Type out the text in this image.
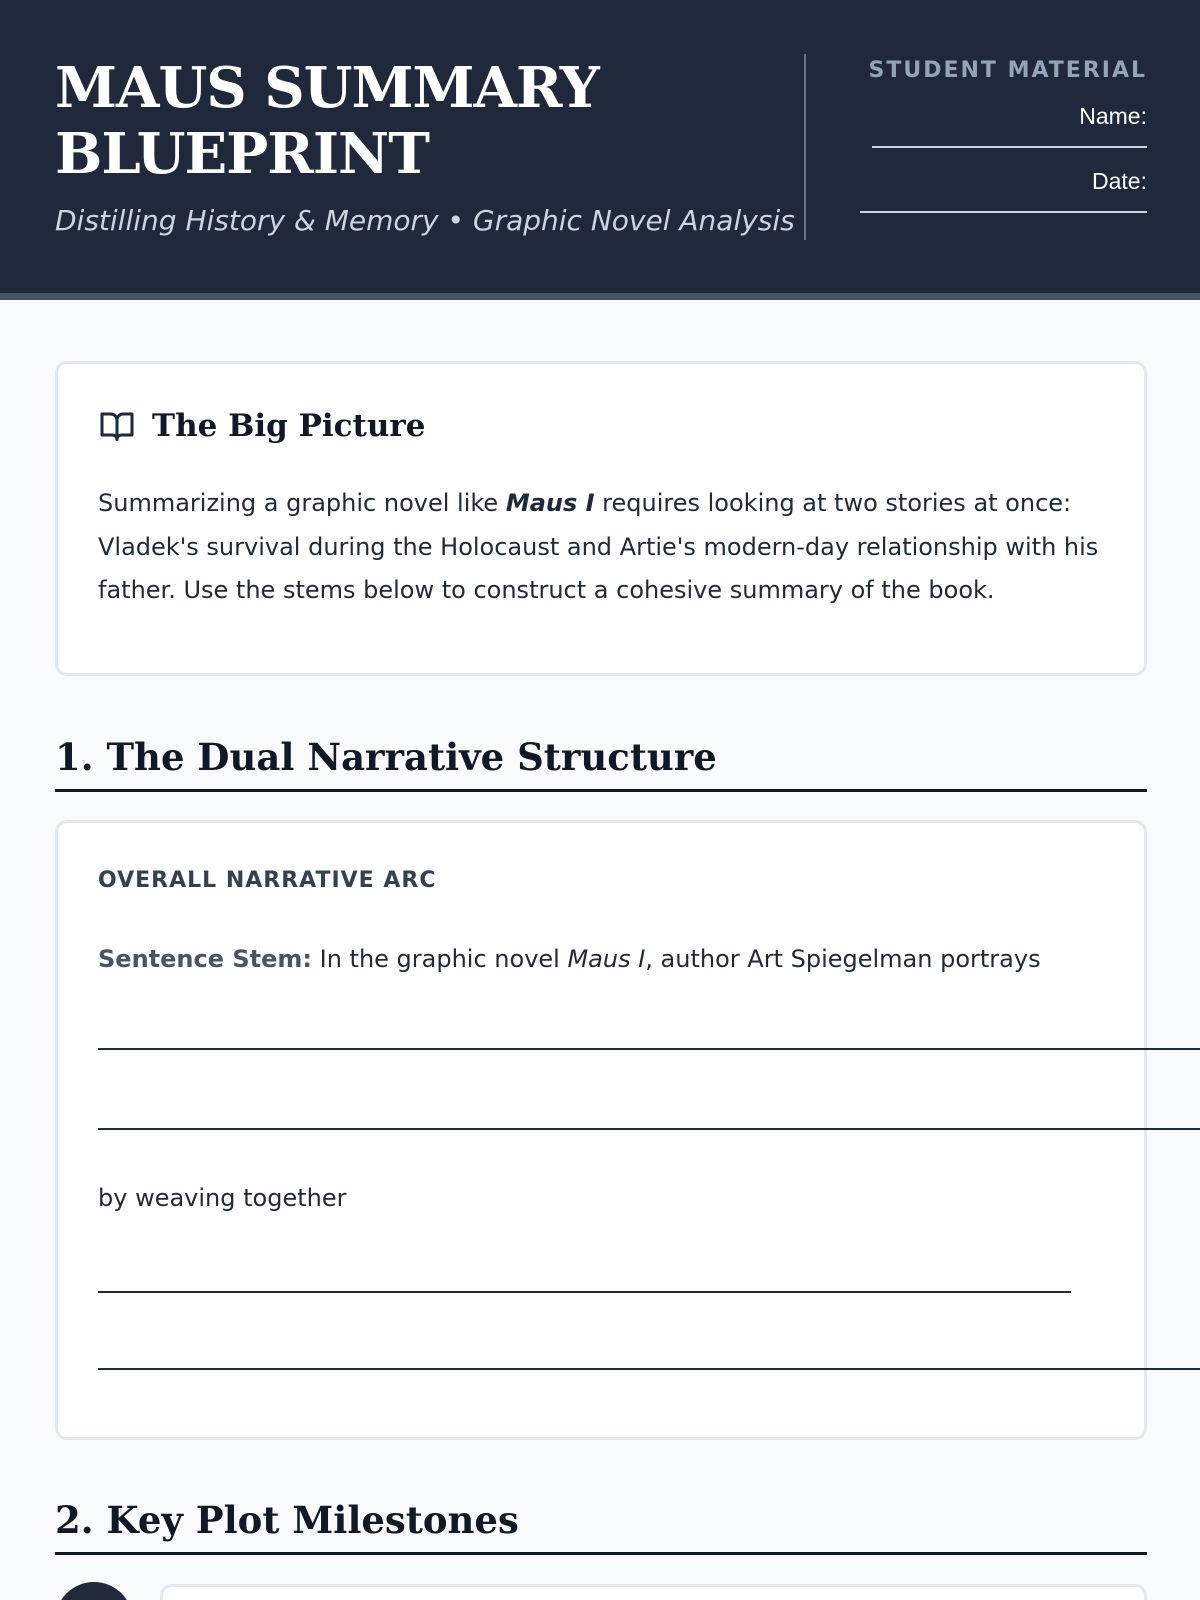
MAUS SUMMARY BLUEPRINT
Distilling History & Memory • Graphic Novel Analysis
STUDENT MATERIAL
Name:
Date:
The Big Picture
Summarizing a graphic novel like Maus I requires looking at two stories at once: Vladek's survival during the Holocaust and Artie's modern-day relationship with his father. Use the stems below to construct a cohesive summary of the book.
1. The Dual Narrative Structure
OVERALL NARRATIVE ARC
Sentence Stem: In the graphic novel Maus I, author Art Spiegelman portrays
by weaving together
2. Key Plot Milestones
